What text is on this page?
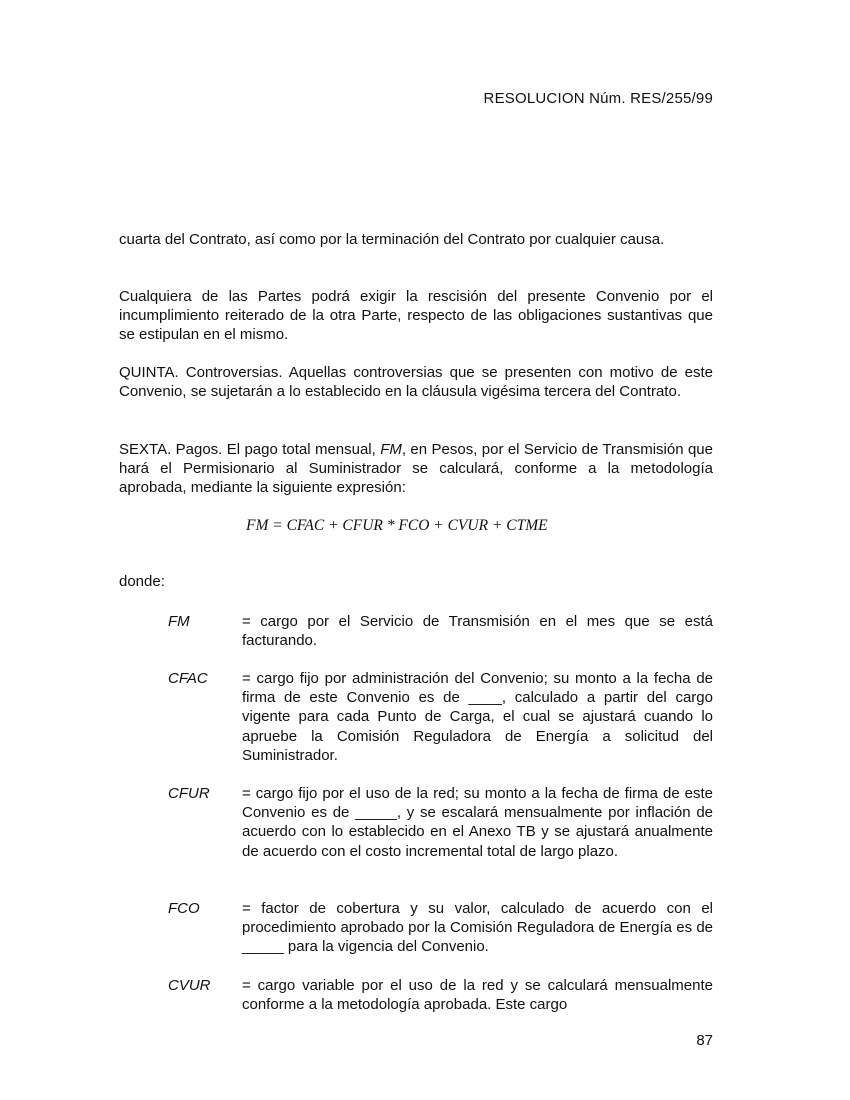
RESOLUCION Núm. RES/255/99

cuarta del Contrato, así como por la terminación del Contrato por cualquier causa.

Cualquiera de las Partes podrá exigir la rescisión del presente Convenio por el incumplimiento reiterado de la otra Parte, respecto de las obligaciones sustantivas que se estipulan en el mismo.

QUINTA. Controversias. Aquellas controversias que se presenten con motivo de este Convenio, se sujetarán a lo establecido en la cláusula vigésima tercera del Contrato.

SEXTA. Pagos. El pago total mensual, FM, en Pesos, por el Servicio de Transmisión que hará el Permisionario al Suministrador se calculará, conforme a la metodología aprobada, mediante la siguiente expresión:

FM = CFAC + CFUR * FCO + CVUR + CTME
donde:
FM	= cargo por el Servicio de Transmisión en el mes que se está facturando.
CFAC = cargo fijo por administración del Convenio; su monto a la fecha de firma de este Convenio es de ____, calculado a partir del cargo vigente para cada Punto de Carga, el cual se ajustará cuando lo apruebe la Comisión Reguladora de Energía a solicitud del Suministrador.
CFUR = cargo fijo por el uso de la red; su monto a la fecha de firma de este Convenio es de _____, y se escalará mensualmente por inflación de acuerdo con lo establecido en el Anexo TB y se ajustará anualmente de acuerdo con el costo incremental total de largo plazo.
FCO	= factor de cobertura y su valor, calculado de acuerdo con el procedimiento aprobado por la Comisión Reguladora de Energía es de _____ para la vigencia del Convenio.
CVUR = cargo variable por el uso de la red y se calculará mensualmente conforme a la metodología aprobada. Este cargo
87
